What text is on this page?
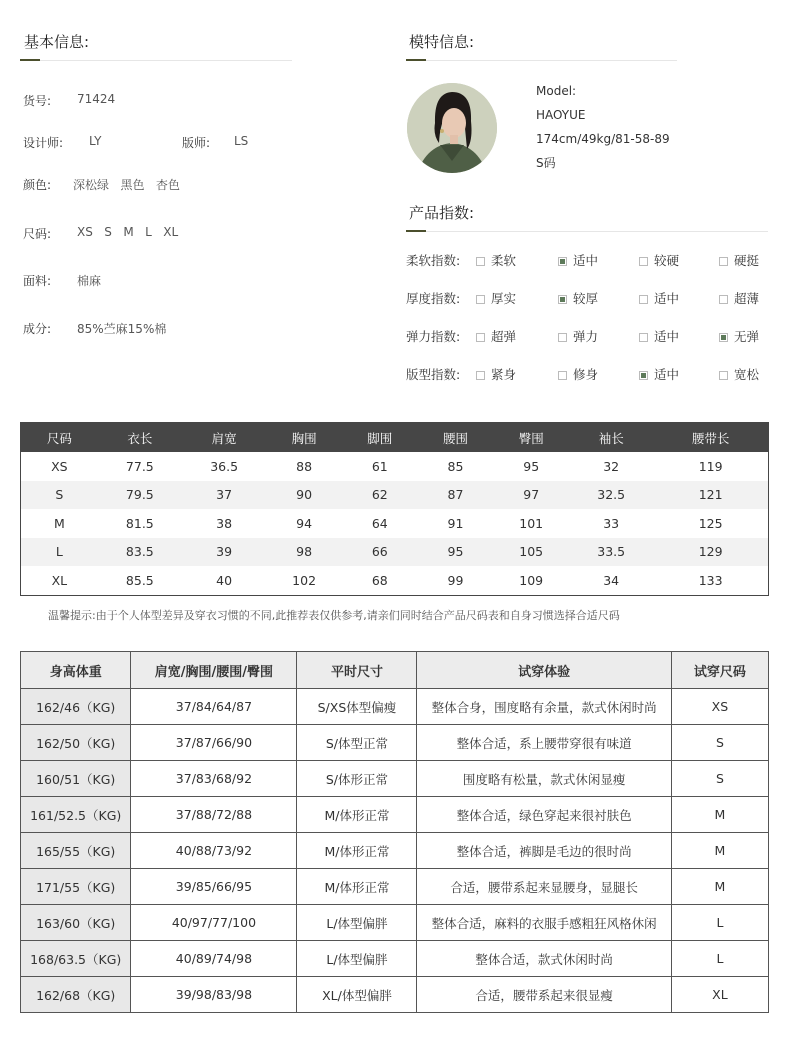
基本信息:
货号: 71424
设计师: LY	版师: LS
颜色: 深松绿   黑色   杏色
尺码: XS   S   M   L   XL
面料: 棉麻
成分: 85%苎麻15%棉
模特信息:
Model:
HAOYUE
174cm/49kg/81-58-89
S码
产品指数:
柔软指数:	柔软	适中	较硬	硬挺
厚度指数:	厚实	较厚	适中	超薄
弹力指数:	超弹	弹力	适中	无弹
版型指数:	紧身	修身	适中	宽松
尺码	衣长	肩宽	胸围	脚围	腰围	臀围	袖长	腰带长
XS	77.5	36.5	88	61	85	95	32	119
S	79.5	37	90	62	87	97	32.5	121
M	81.5	38	94	64	91	101	33	125
L	83.5	39	98	66	95	105	33.5	129
XL	85.5	40	102	68	99	109	34	133
温馨提示:由于个人体型差异及穿衣习惯的不同,此推荐表仅供参考,请亲们同时结合产品尺码表和自身习惯选择合适尺码
身高体重	肩宽/胸围/腰围/臀围	平时尺寸	试穿体验	试穿尺码
162/46（KG)	37/84/64/87	S/XS体型偏瘦	整体合身，围度略有余量，款式休闲时尚	XS
162/50（KG)	37/87/66/90	S/体型正常	整体合适，系上腰带穿很有味道	S
160/51（KG)	37/83/68/92	S/体形正常	围度略有松量，款式休闲显瘦	S
161/52.5（KG)	37/88/72/88	M/体形正常	整体合适，绿色穿起来很衬肤色	M
165/55（KG)	40/88/73/92	M/体形正常	整体合适，裤脚是毛边的很时尚	M
171/55（KG)	39/85/66/95	M/体形正常	合适，腰带系起来显腰身，显腿长	M
163/60（KG)	40/97/77/100	L/体型偏胖	整体合适，麻料的衣服手感粗狂风格休闲	L
168/63.5（KG)	40/89/74/98	L/体型偏胖	整体合适，款式休闲时尚	L
162/68（KG)	39/98/83/98	XL/体型偏胖	合适，腰带系起来很显瘦	XL
